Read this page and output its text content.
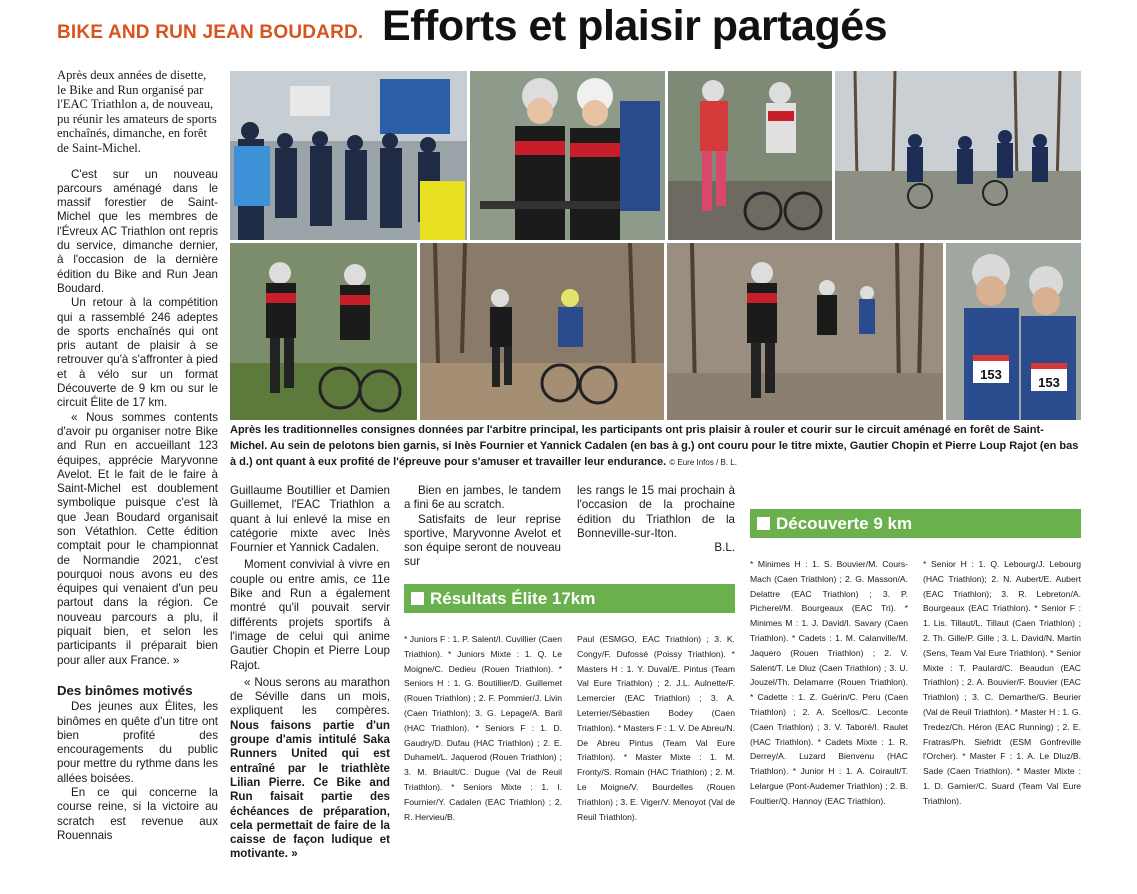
BIKE AND RUN JEAN BOUDARD. Efforts et plaisir partagés

Après deux années de disette, le Bike and Run organisé par l'EAC Triathlon a, de nouveau, pu réunir les amateurs de sports enchaînés, dimanche, en forêt de Saint-Michel.

C'est sur un nouveau parcours aménagé dans le massif forestier de Saint-Michel que les membres de l'Évreux AC Triathlon ont repris du service, dimanche dernier, à l'occasion de la dernière édition du Bike and Run Jean Boudard.

Un retour à la compétition qui a rassemblé 246 adeptes de sports enchaînés qui ont pris autant de plaisir à se retrouver qu'à s'affronter à pied et à vélo sur un format Découverte de 9 km ou sur le circuit Élite de 17 km.

« Nous sommes contents d'avoir pu organiser notre Bike and Run en accueillant 123 équipes, apprécie Maryvonne Avelot. Et le fait de le faire à Saint-Michel est doublement symbolique puisque c'est là que Jean Boudard organisait son Vétathlon. Cette édition comptait pour le championnat de Normandie 2021, c'est pourquoi nous avons eu des équipes qui venaient d'un peu partout dans la région. Ce nouveau parcours a plu, il piquait bien, et selon les participants il préparait bien pour aller aux France. »

Des binômes motivés

Des jeunes aux Élites, les binômes en quête d'un titre ont bien profité des encouragements du public pour mettre du rythme dans les allées boisées.

En ce qui concerne la course reine, si la victoire au scratch est revenue aux Rouennais

153
153
Après les traditionnelles consignes données par l'arbitre principal, les participants ont pris plaisir à rouler et courir sur le circuit aménagé en forêt de Saint-Michel. Au sein de pelotons bien garnis, si Inès Fournier et Yannick Cadalen (en bas à g.) ont couru pour le titre mixte, Gautier Chopin et Pierre Loup Rajot (en bas à d.) ont quant à eux profité de l'épreuve pour s'amuser et travailler leur endurance. © Eure Infos / B. L.

Guillaume Boutillier et Damien Guillemet, l'EAC Triathlon a quant à lui enlevé la mise en catégorie mixte avec Inès Fournier et Yannick Cadalen.

Moment convivial à vivre en couple ou entre amis, ce 11e Bike and Run a également montré qu'il pouvait servir différents projets sportifs à l'image de celui qui anime Gautier Chopin et Pierre Loup Rajot.

« Nous serons au marathon de Séville dans un mois, expliquent les compères. Nous faisons partie d'un groupe d'amis intitulé Saka Runners United qui est entraîné par le triathlète Lilian Pierre. Ce Bike and Run faisait partie des échéances de préparation, cela permettait de faire de la caisse de façon ludique et motivante. »

Bien en jambes, le tandem a fini 6e au scratch.

Satisfaits de leur reprise sportive, Maryvonne Avelot et son équipe seront de nouveau sur

les rangs le 15 mai prochain à l'occasion de la prochaine édition du Triathlon de la Bonneville-sur-Iton.

B.L.

Résultats Élite 17km
Découverte 9 km

* Juniors F : 1. P. Salent/I. Cuvillier (Caen Triathlon). * Juniors Mixte : 1. Q. Le Moigne/C. Dedieu (Rouen Triathlon). * Seniors H : 1. G. Boutillier/D. Guillemet (Rouen Triathlon) ; 2. F. Pommier/J. Livin (Caen Triathlon); 3. G. Lepage/A. Baril (HAC Triathlon). * Seniors F : 1. D. Gaudry/D. Dufau (HAC Triathlon) ; 2. E. Duhamel/L. Jaquerod (Rouen Triathlon) ; 3. M. Briault/C. Dugue (Val de Reuil Triathlon). * Seniors Mixte : 1. I. Fournier/Y. Cadalen (EAC Triathlon) ; 2. R. Hervieu/B.

Paul (ESMGO, EAC Triathlon) ; 3. K. Congy/F. Dufossé (Poissy Triathlon). * Masters H : 1. Y. Duval/E. Pintus (Team Val Eure Triathlon) ; 2. J.L. Aulnette/F. Lemercier (EAC Triathlon) ; 3. A. Leterrier/Sébastien Bodey (Caen Triathlon). * Masters F : 1. V. De Abreu/N. De Abreu Pintus (Team Val Eure Triathlon). * Master Mixte : 1. M. Fronty/S. Romain (HAC Triathlon) ; 2. M. Le Moigne/V. Bourdelles (Rouen Triathlon) ; 3. E. Viger/V. Menoyot (Val de Reuil Triathlon).

* Minimes H : 1. S. Bouvier/M. Cours-Mach (Caen Triathlon) ; 2. G. Masson/A. Delattre (EAC Triathlon) ; 3. P. Picherel/M. Bourgeaux (EAC Tri). * Minimes M : 1. J. David/I. Savary (Caen Triathlon). * Cadets : 1. M. Calanville/M. Jaquero (Rouen Triathlon) ; 2. V. Salent/T. Le Dluz (Caen Triathlon) ; 3. U. Jouzel/Th. Delamarre (Rouen Triathlon). * Cadette : 1. Z. Guérin/C. Peru (Caen Triathlon) ; 2. A. Scellos/C. Leconte (Caen Triathlon) ; 3. V. Taboré/I. Raulet (HAC Triathlon). * Cadets Mixte : 1. R. Derrey/A. Luzard Bienvenu (HAC Triathlon). * Junior H : 1. A. Coirault/T. Lelargue (Pont-Audemer Triathlon) ; 2. B. Foultier/Q. Hannoy (EAC Triathlon).

* Senior H : 1. Q. Lebourg/J. Lebourg (HAC Triathlon); 2. N. Aubert/E. Aubert (EAC Triathlon); 3. R. Lebreton/A. Bourgeaux (EAC Triathlon). * Senior F : 1. Lis. Tillaut/L. Tillaut (Caen Triathlon) ; 2. Th. Gille/P. Gille ; 3. L. David/N. Martin (Sens, Team Val Eure Triathlon). * Senior Mixte : T. Paulard/C. Beaudun (EAC Triathlon) ; 2. A. Bouvier/F. Bouvier (EAC Triathlon) ; 3. C. Demarthe/G. Beurier (Val de Reuil Triathlon). * Master H : 1. G. Tredez/Ch. Héron (EAC Running) ; 2. E. Fratras/Ph. Siefridt (ESM Gonfreville l'Orcher). * Master F : 1. A. Le Dluz/B. Sade (Caen Triathlon). * Master Mixte : 1. D. Garnier/C. Suard (Team Val Eure Triathlon).
